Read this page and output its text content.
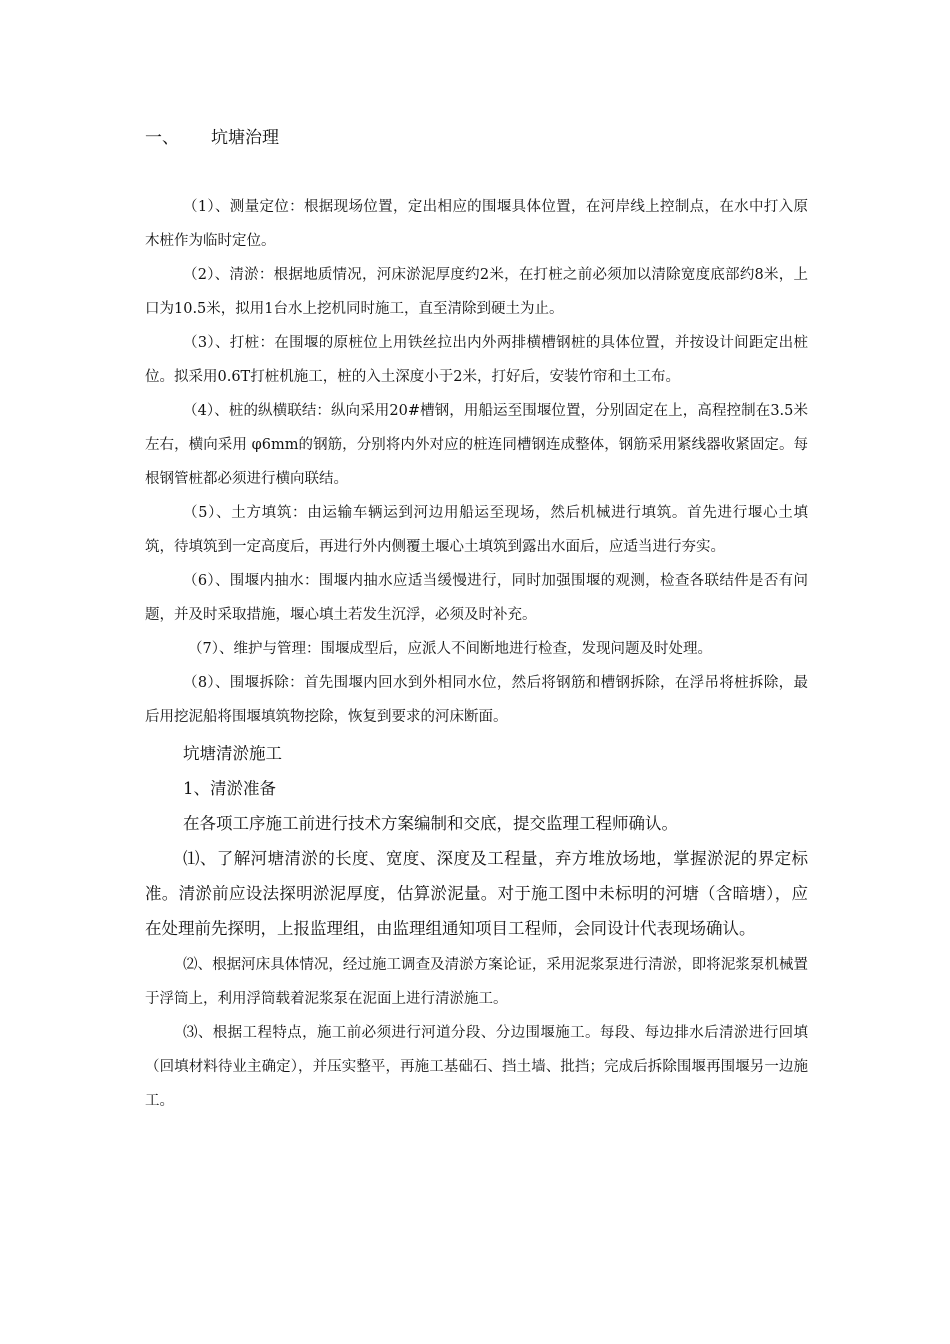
一、 坑塘治理

（1）、测量定位：根据现场位置，定出相应的围堰具体位置，在河岸线上控制点，在水中打入原木桩作为临时定位。

（2）、清淤：根据地质情况，河床淤泥厚度约2米，在打桩之前必须加以清除宽度底部约8米，上口为10.5米，拟用1台水上挖机同时施工，直至清除到硬土为止。

（3）、打桩：在围堰的原桩位上用铁丝拉出内外两排横槽钢桩的具体位置，并按设计间距定出桩位。拟采用0.6T打桩机施工，桩的入土深度小于2米，打好后，安装竹帘和土工布。

（4）、桩的纵横联结：纵向采用20#槽钢，用船运至围堰位置，分别固定在上，高程控制在3.5米左右，横向采用 φ6mm的钢筋，分别将内外对应的桩连同槽钢连成整体，钢筋采用紧线器收紧固定。每根钢管桩都必须进行横向联结。

（5）、土方填筑：由运输车辆运到河边用船运至现场，然后机械进行填筑。首先进行堰心土填筑，待填筑到一定高度后，再进行外内侧覆土堰心土填筑到露出水面后，应适当进行夯实。

（6）、围堰内抽水：围堰内抽水应适当缓慢进行，同时加强围堰的观测，检查各联结件是否有问题，并及时采取措施，堰心填土若发生沉浮，必须及时补充。

（7）、维护与管理：围堰成型后，应派人不间断地进行检查，发现问题及时处理。

（8）、围堰拆除：首先围堰内回水到外相同水位，然后将钢筋和槽钢拆除，在浮吊将桩拆除，最后用挖泥船将围堰填筑物挖除，恢复到要求的河床断面。

坑塘清淤施工

1、清淤准备

在各项工序施工前进行技术方案编制和交底，提交监理工程师确认。

⑴、了解河塘清淤的长度、宽度、深度及工程量，弃方堆放场地，掌握淤泥的界定标准。清淤前应设法探明淤泥厚度，估算淤泥量。对于施工图中未标明的河塘（含暗塘），应在处理前先探明，上报监理组，由监理组通知项目工程师，会同设计代表现场确认。

⑵、根据河床具体情况，经过施工调查及清淤方案论证，采用泥浆泵进行清淤，即将泥浆泵机械置于浮筒上，利用浮筒载着泥浆泵在泥面上进行清淤施工。

⑶、根据工程特点，施工前必须进行河道分段、分边围堰施工。每段、每边排水后清淤进行回填（回填材料待业主确定），并压实整平，再施工基础石、挡土墙、批挡；完成后拆除围堰再围堰另一边施工。
